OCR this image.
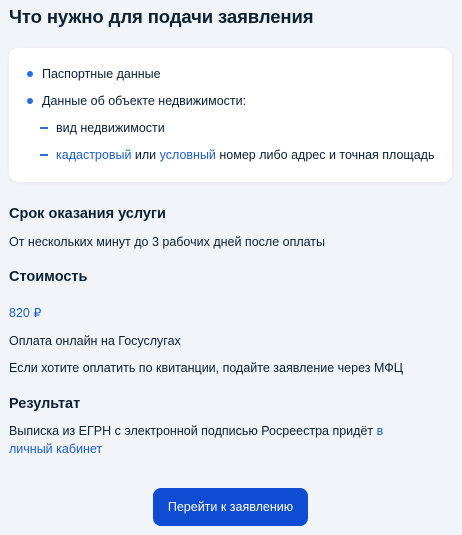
Что нужно для подачи заявления
Паспортные данные
Данные об объекте недвижимости:
вид недвижимости
кадастровый или условный номер либо адрес и точная площадь
Срок оказания услуги
От нескольких минут до 3 рабочих дней после оплаты
Стоимость
820 ₽
Оплата онлайн на Госуслугах
Если хотите оплатить по квитанции, подайте заявление через МФЦ
Результат
Выписка из ЕГРН с электронной подписью Росреестра придёт в личный кабинет
Перейти к заявлению
